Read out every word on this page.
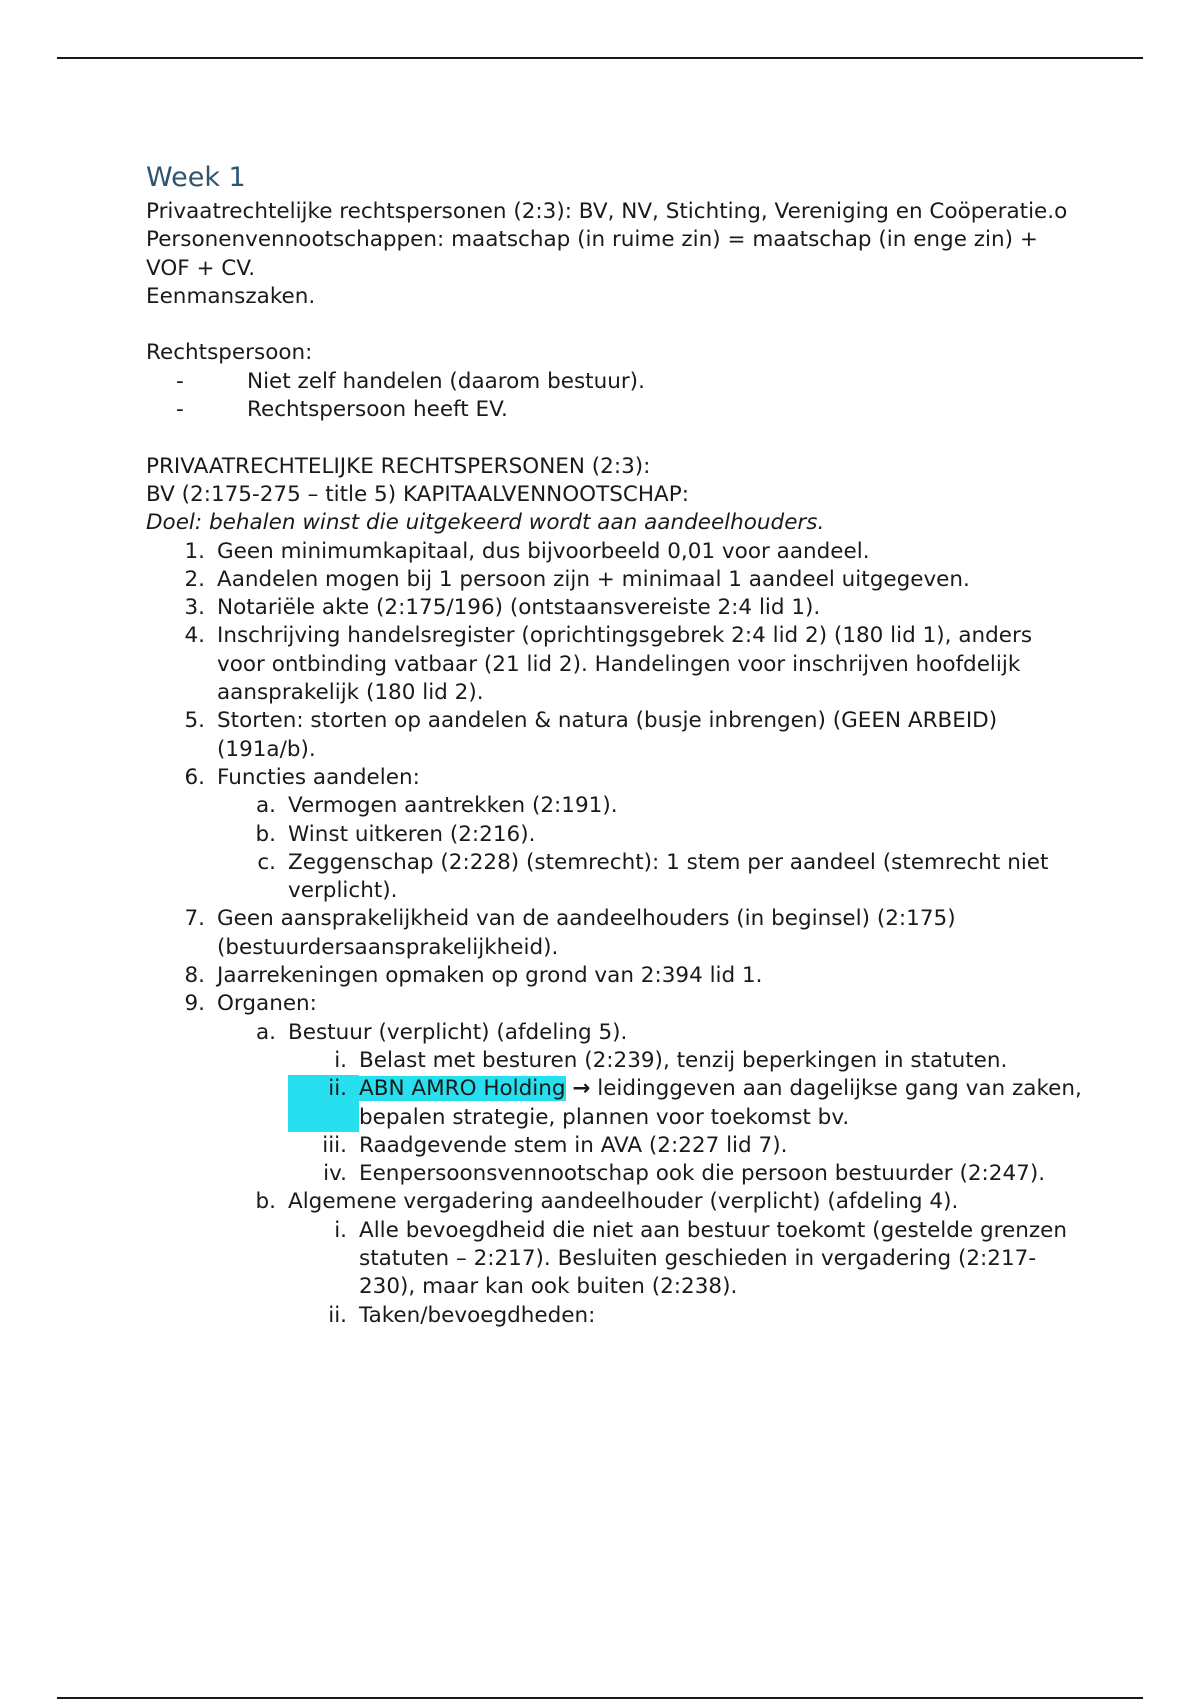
Week 1

Privaatrechtelijke rechtspersonen (2:3): BV, NV, Stichting, Vereniging en Coöperatie.o

Personenvennootschappen: maatschap (in ruime zin) = maatschap (in enge zin) + VOF + CV.

Eenmanszaken.

Rechtspersoon:

-	Niet zelf handelen (daarom bestuur).
-	Rechtspersoon heeft EV.

PRIVAATRECHTELIJKE RECHTSPERSONEN (2:3):

BV (2:175-275 – title 5) KAPITAALVENNOOTSCHAP:

Doel: behalen winst die uitgekeerd wordt aan aandeelhouders.

1. Geen minimumkapitaal, dus bijvoorbeeld 0,01 voor aandeel.
2. Aandelen mogen bij 1 persoon zijn + minimaal 1 aandeel uitgegeven.
3. Notariële akte (2:175/196) (ontstaansvereiste 2:4 lid 1).
4. Inschrijving handelsregister (oprichtingsgebrek 2:4 lid 2) (180 lid 1), anders voor ontbinding vatbaar (21 lid 2). Handelingen voor inschrijven hoofdelijk aansprakelijk (180 lid 2).
5. Storten: storten op aandelen & natura (busje inbrengen) (GEEN ARBEID) (191a/b).
6. Functies aandelen:
a. Vermogen aantrekken (2:191).
b. Winst uitkeren (2:216).
c. Zeggenschap (2:228) (stemrecht): 1 stem per aandeel (stemrecht niet verplicht).
7. Geen aansprakelijkheid van de aandeelhouders (in beginsel) (2:175) (bestuurdersaansprakelijkheid).
8. Jaarrekeningen opmaken op grond van 2:394 lid 1.
9. Organen:
a. Bestuur (verplicht) (afdeling 5).
i. Belast met besturen (2:239), tenzij beperkingen in statuten.
ii. ABN AMRO Holding → leidinggeven aan dagelijkse gang van zaken, bepalen strategie, plannen voor toekomst bv.
iii. Raadgevende stem in AVA (2:227 lid 7).
iv. Eenpersoonsvennootschap ook die persoon bestuurder (2:247).
b. Algemene vergadering aandeelhouder (verplicht) (afdeling 4).
i. Alle bevoegdheid die niet aan bestuur toekomt (gestelde grenzen statuten – 2:217). Besluiten geschieden in vergadering (2:217-230), maar kan ook buiten (2:238).
ii. Taken/bevoegdheden:
